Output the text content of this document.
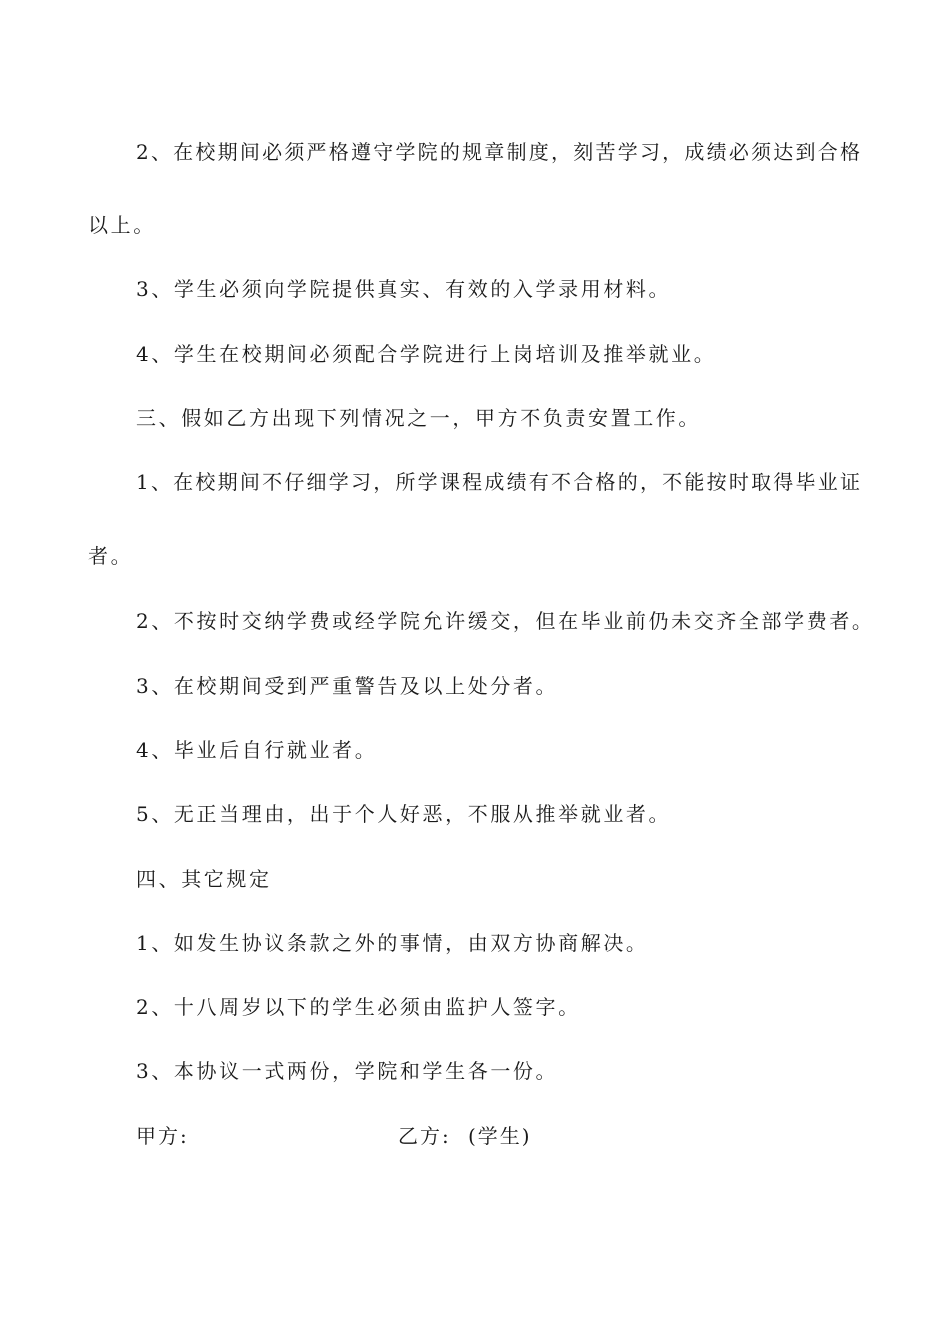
2、在校期间必须严格遵守学院的规章制度，刻苦学习，成绩必须达到合格
以上。
3、学生必须向学院提供真实、有效的入学录用材料。
4、学生在校期间必须配合学院进行上岗培训及推举就业。
三、假如乙方出现下列情况之一，甲方不负责安置工作。
1、在校期间不仔细学习，所学课程成绩有不合格的，不能按时取得毕业证
者。
2、不按时交纳学费或经学院允许缓交，但在毕业前仍未交齐全部学费者。
3、在校期间受到严重警告及以上处分者。
4、毕业后自行就业者。
5、无正当理由，出于个人好恶，不服从推举就业者。
四、其它规定
1、如发生协议条款之外的事情，由双方协商解决。
2、十八周岁以下的学生必须由监护人签字。
3、本协议一式两份，学院和学生各一份。
甲方:	乙方: (学生)
